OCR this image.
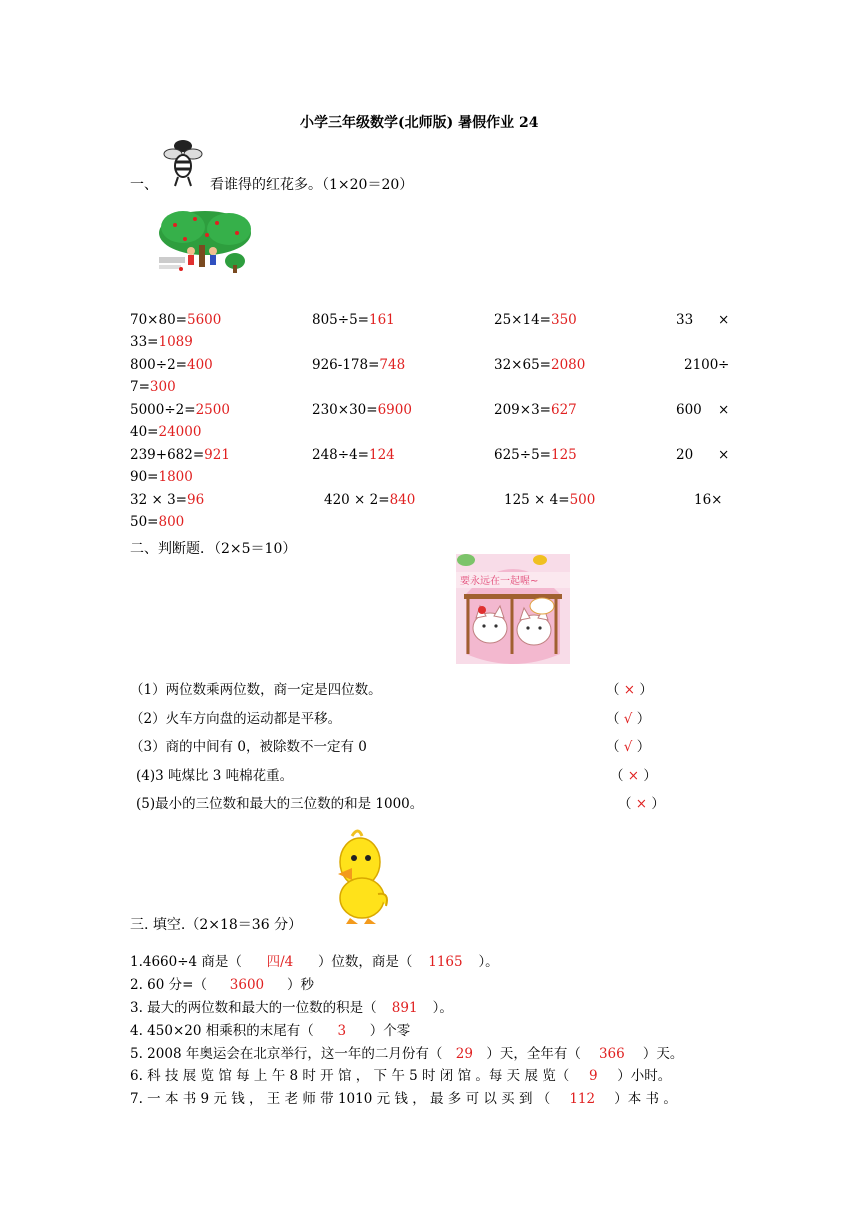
小学三年级数学(北师版) 暑假作业 24
一、	看谁得的红花多。（1×20＝20）
70×80=5600	805÷5=161	25×14=350	33 ×
33=1089
800÷2=400	926-178=748	32×65=2080	2100 ÷
7=300
5000÷2=2500	230×30=6900	209×3=627	600 ×
40=24000
239+682=921	248÷4=124	625÷5=125	20 ×
90=1800
32 × 3=96	420 × 2=840	125 × 4=500	16×
50=800
二、判断题．（2×5＝10）
要永远在一起喔~
（1）两位数乘两位数，商一定是四位数。	（ × ）
（2）火车方向盘的运动都是平移。	（ √ ）
（3）商的中间有 0，被除数不一定有 0	（ √ ）
(4)3 吨煤比 3 吨棉花重。	（ × ）
(5)最小的三位数和最大的三位数的和是 1000。	（ × ）
三. 填空.（2×18＝36 分）
1.4660÷4 商是（ 四/4 ）位数，商是（ 1165 ）。
2. 60 分=（ 3600 ）秒
3. 最大的两位数和最大的一位数的积是（ 891 ）。
4. 450×20 相乘积的末尾有（ 3 ）个零
5. 2008 年奥运会在北京举行，这一年的二月份有（ 29 ）天，全年有（ 366 ）天。
6. 科 技 展 览 馆 每 上 午 8 时 开 馆 ， 下 午 5 时 闭 馆 。每 天 展 览（ 9 ）小时。
7. 一 本 书 9 元 钱 ， 王 老 师 带 1010 元 钱 ， 最 多 可 以 买 到 （ 112 ）本 书 。
